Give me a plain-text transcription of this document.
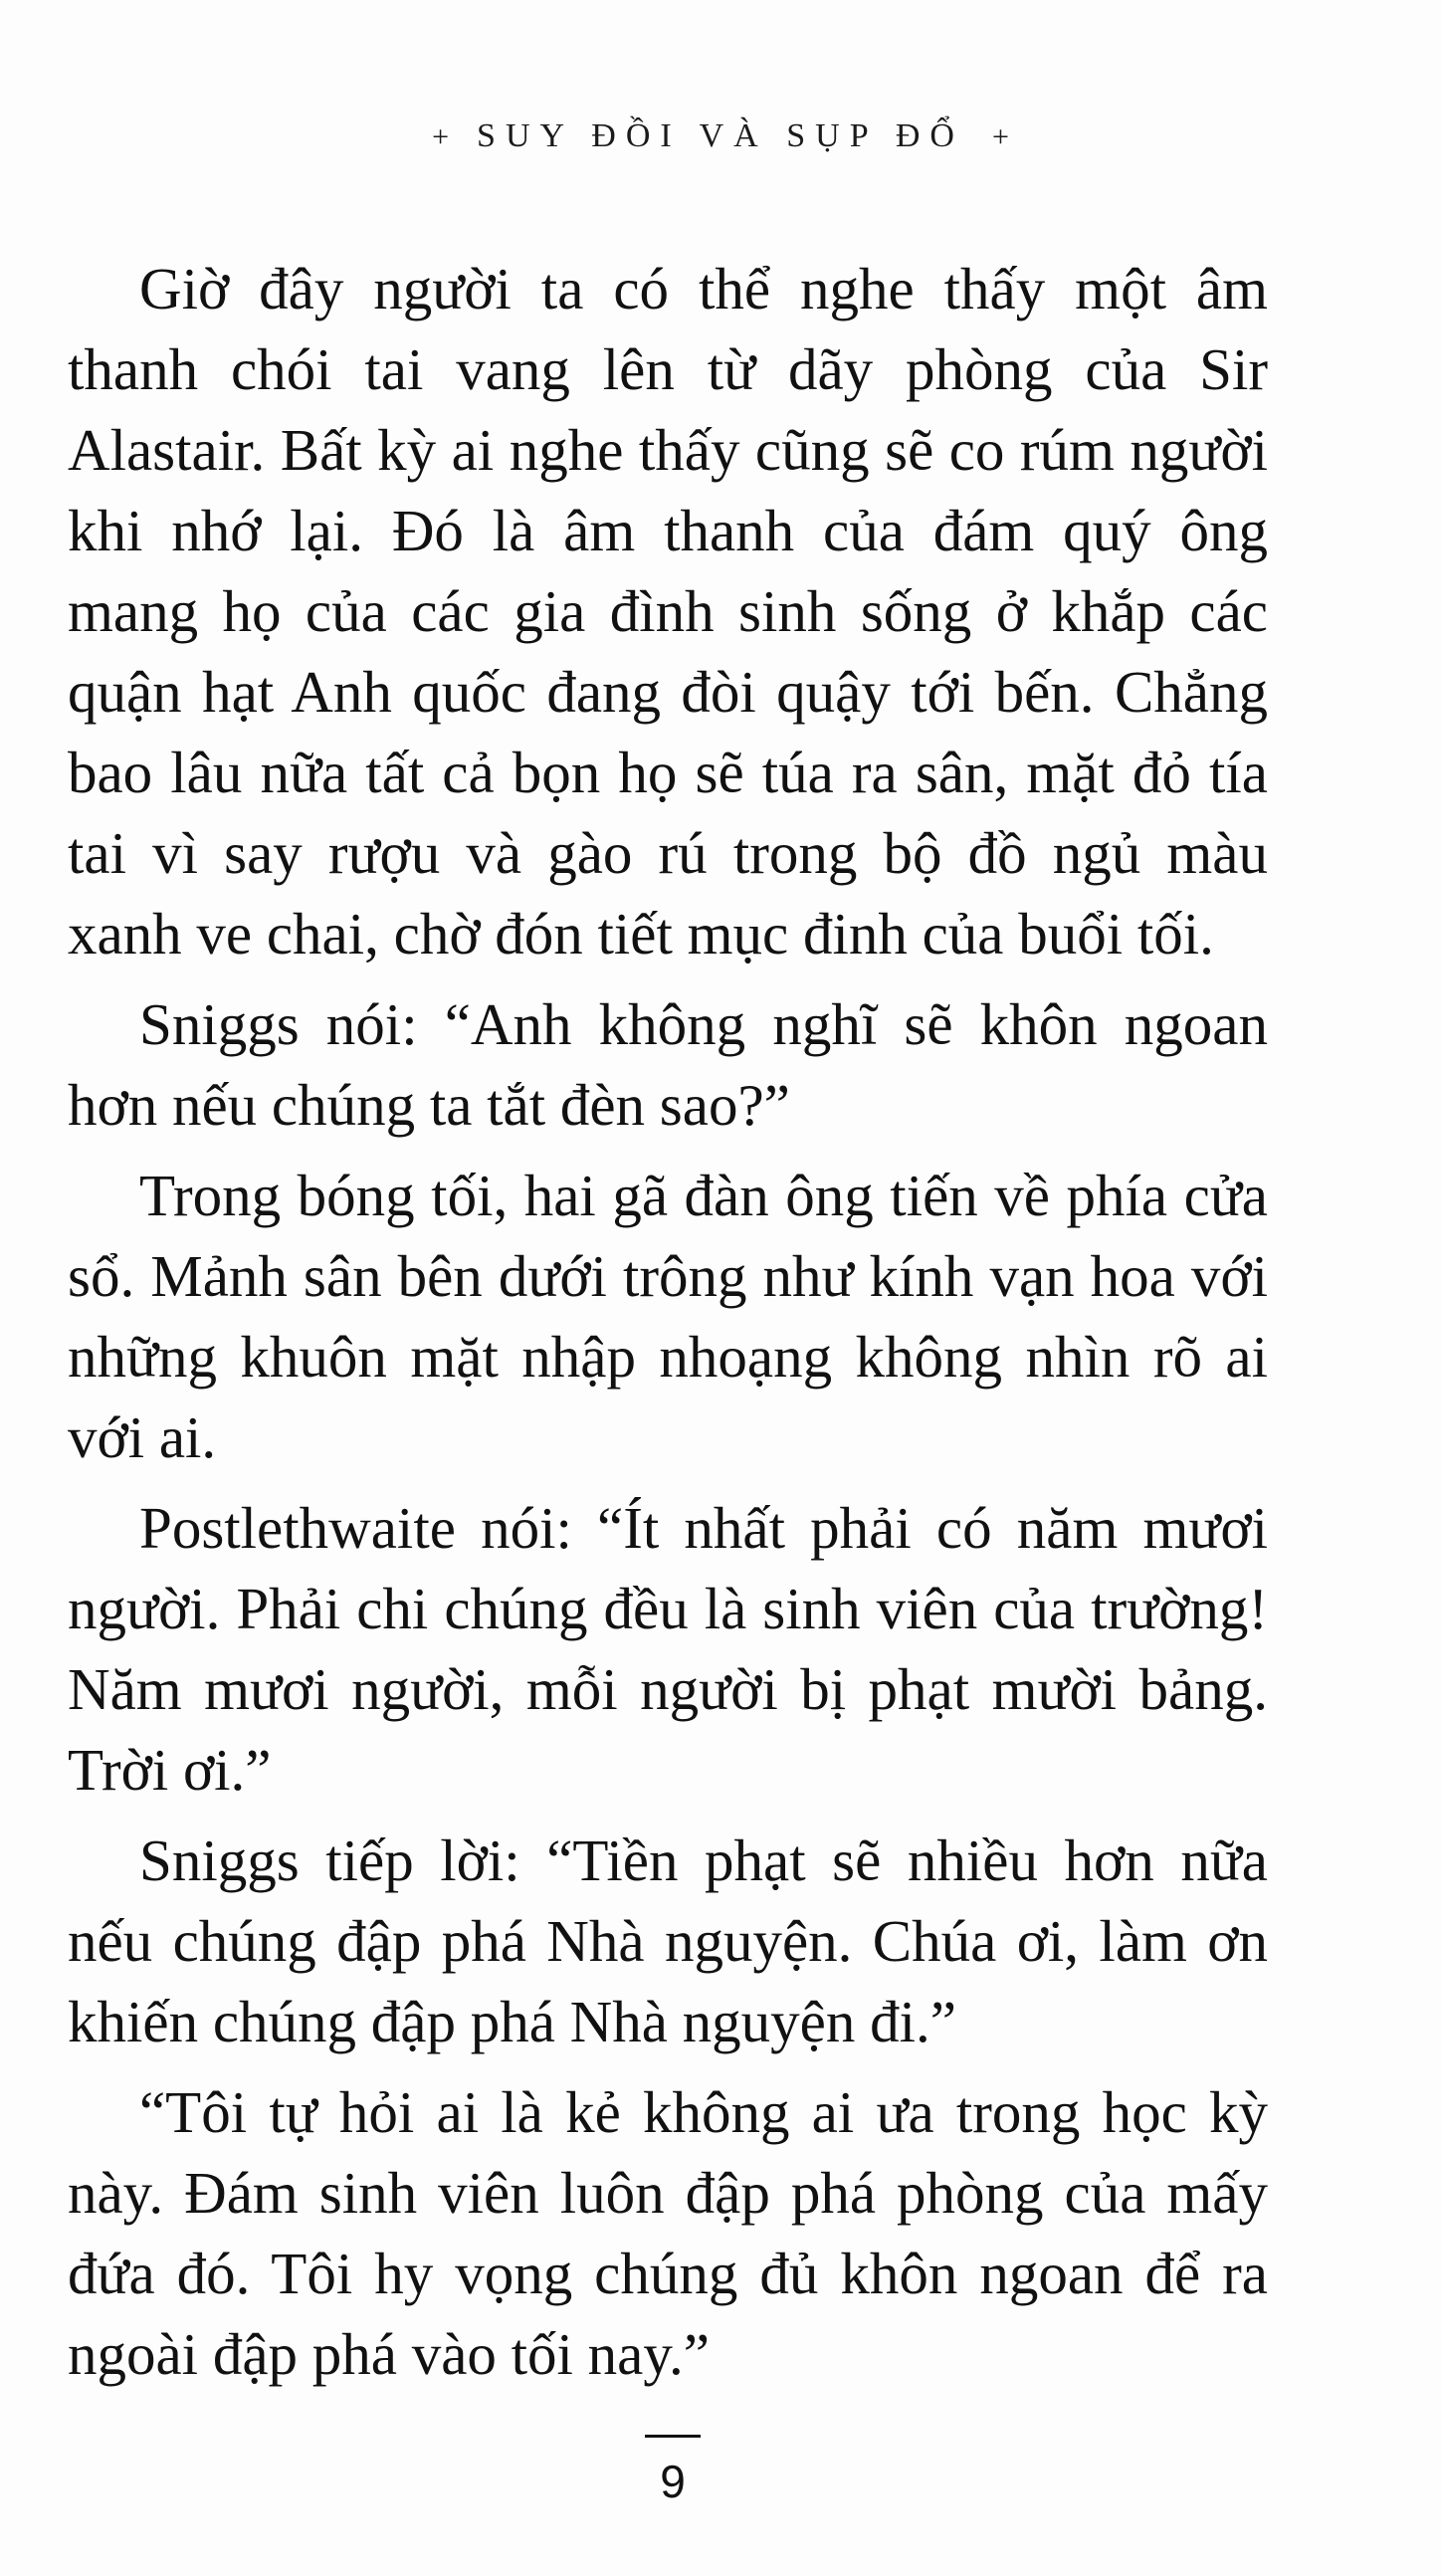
+ SUY ĐỒI VÀ SỤP ĐỔ +

Giờ đây người ta có thể nghe thấy một âm thanh chói tai vang lên từ dãy phòng của Sir Alastair. Bất kỳ ai nghe thấy cũng sẽ co rúm người khi nhớ lại. Đó là âm thanh của đám quý ông mang họ của các gia đình sinh sống ở khắp các quận hạt Anh quốc đang đòi quậy tới bến. Chẳng bao lâu nữa tất cả bọn họ sẽ túa ra sân, mặt đỏ tía tai vì say rượu và gào rú trong bộ đồ ngủ màu xanh ve chai, chờ đón tiết mục đinh của buổi tối.

Sniggs nói: “Anh không nghĩ sẽ khôn ngoan hơn nếu chúng ta tắt đèn sao?”

Trong bóng tối, hai gã đàn ông tiến về phía cửa sổ. Mảnh sân bên dưới trông như kính vạn hoa với những khuôn mặt nhập nhoạng không nhìn rõ ai với ai.

Postlethwaite nói: “Ít nhất phải có năm mươi người. Phải chi chúng đều là sinh viên của trường! Năm mươi người, mỗi người bị phạt mười bảng. Trời ơi.”

Sniggs tiếp lời: “Tiền phạt sẽ nhiều hơn nữa nếu chúng đập phá Nhà nguyện. Chúa ơi, làm ơn khiến chúng đập phá Nhà nguyện đi.”

“Tôi tự hỏi ai là kẻ không ai ưa trong học kỳ này. Đám sinh viên luôn đập phá phòng của mấy đứa đó. Tôi hy vọng chúng đủ khôn ngoan để ra ngoài đập phá vào tối nay.”

9
